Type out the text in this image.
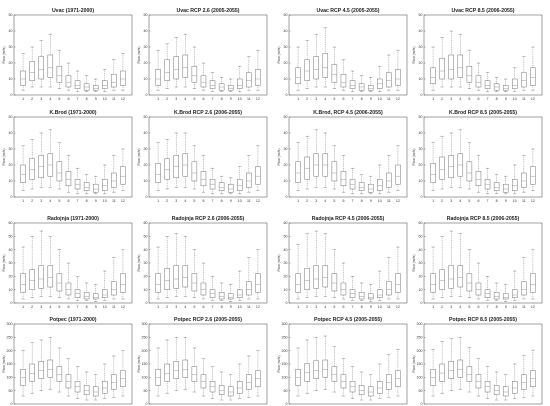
Uvac (1971-2000)
0
10
20
30
40
50
Flow (m³/s)
1 2 3 4 5 6 7 8 9 10 11 12
Uvac RCP 2.6 (2005-2055)
0
10
20
30
40
50
Flow (m³/s)
1 2 3 4 5 6 7 8 9 10 11 12
Uvac RCP 4.5 (2005-2055)
0
10
20
30
40
50
Flow (m³/s)
1 2 3 4 5 6 7 8 9 10 11 12
Uvac RCP 8.5 (2006-2055)
0
10
20
30
40
50
Flow (m³/s)
1 2 3 4 5 6 7 8 9 10 11 12
K.Brod (1971-2000)
0
10
20
30
40
50
Flow (m³/s)
1 2 3 4 5 6 7 8 9 10 11 12
K.Brod RCP 2.6 (2006-2055)
0
10
20
30
40
50
Flow (m³/s)
1 2 3 4 5 6 7 8 9 10 11 12
K.Brod, RCP 4.5 (2006-2055)
0
10
20
30
40
50
Flow (m³/s)
1 2 3 4 5 6 7 8 9 10 11 12
K.Brod RCP 8.5 (2005-2055)
0
10
20
30
40
50
Flow (m³/s)
1 2 3 4 5 6 7 8 9 10 11 12
Radojnja (1971-2000)
0
10
20
30
40
50
60
Flow (m³/s)
1 2 3 4 5 6 7 8 9 10 11 12
Radojnja RCP 2.6 (2006-2055)
0
10
20
30
40
50
60
Flow (m³/s)
1 2 3 4 5 6 7 8 9 10 11 12
Radojnja RCP 4.5 (2006-2055)
0
10
20
30
40
50
60
Flow (m³/s)
1 2 3 4 5 6 7 8 9 10 11 12
Radojnja RCP 8.5 (2006-2055)
0
10
20
30
40
50
60
Flow (m³/s)
1 2 3 4 5 6 7 8 9 10 11 12
Potpec (1971-2000)
0
50
100
150
200
250
300
Flow (m³/s)
Potpec RCP 2.6 (2005-2055)
0
50
100
150
200
250
300
Flow (m³/s)
Potpec RCP 4.5 (2005-2055)
0
50
100
150
200
250
300
Flow (m³/s)
Potpec RCP 8.5 (2005-2055)
0
50
100
150
200
250
300
Flow (m³/s)
